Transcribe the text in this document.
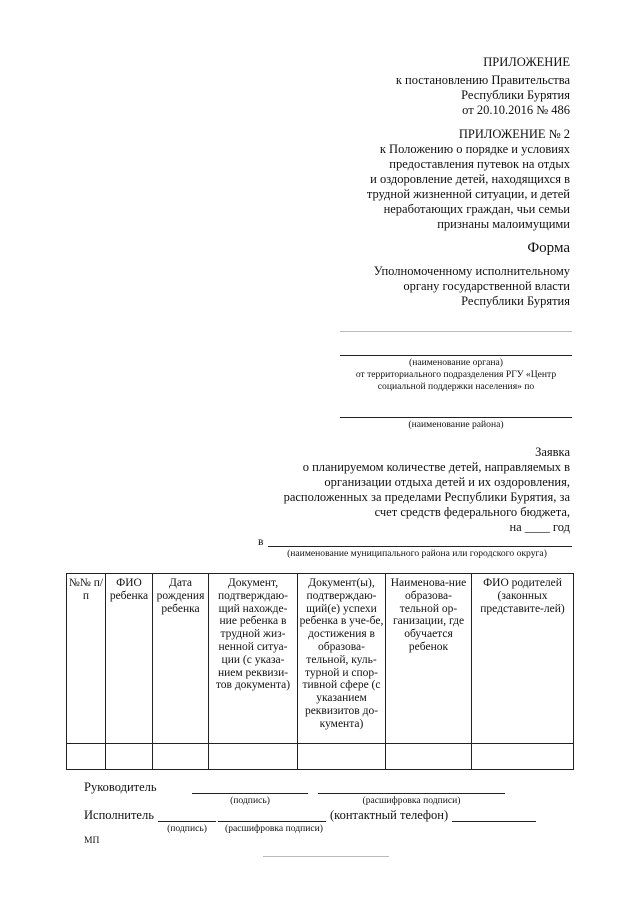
ПРИЛОЖЕНИЕ
к постановлению Правительства
Республики Бурятия
от 20.10.2016 № 486
ПРИЛОЖЕНИЕ № 2
к Положению о порядке и условиях
предоставления путевок на отдых
и оздоровление детей, находящихся в
трудной жизненной ситуации, и детей
неработающих граждан, чьи семьи
признаны малоимущими
Форма
Уполномоченному исполнительному
органу государственной власти
Республики Бурятия
(наименование органа)
от территориального подразделения РГУ «Центр
социальной поддержки населения» по
(наименование района)
Заявка
о планируемом количестве детей, направляемых в
организации отдыха детей и их оздоровления,
расположенных за пределами Республики Бурятия, за
счет средств федерального бюджета,
на ____ год
в
(наименование муниципального района или городского округа)
№№ п/п	ФИО ребенка	Дата рождения ребенка	Документ, подтверждаю-щий нахожде-ние ребенка в трудной жиз-ненной ситуа-ции (с указа-нием реквизи-тов документа)	Документ(ы), подтверждаю-щий(е) успехи ребенка в уче-бе, достижения в образова-тельной, куль-турной и спор-тивной сфере (с указанием реквизитов до-кумента)	Наименова-ние образова-тельной ор-ганизации, где обучается ребенок	ФИО родителей (законных представите-лей)

Руководитель
(подпись)	(расшифровка подписи)
Исполнитель	(контактный телефон)
(подпись)	(расшифровка подписи)
МП
